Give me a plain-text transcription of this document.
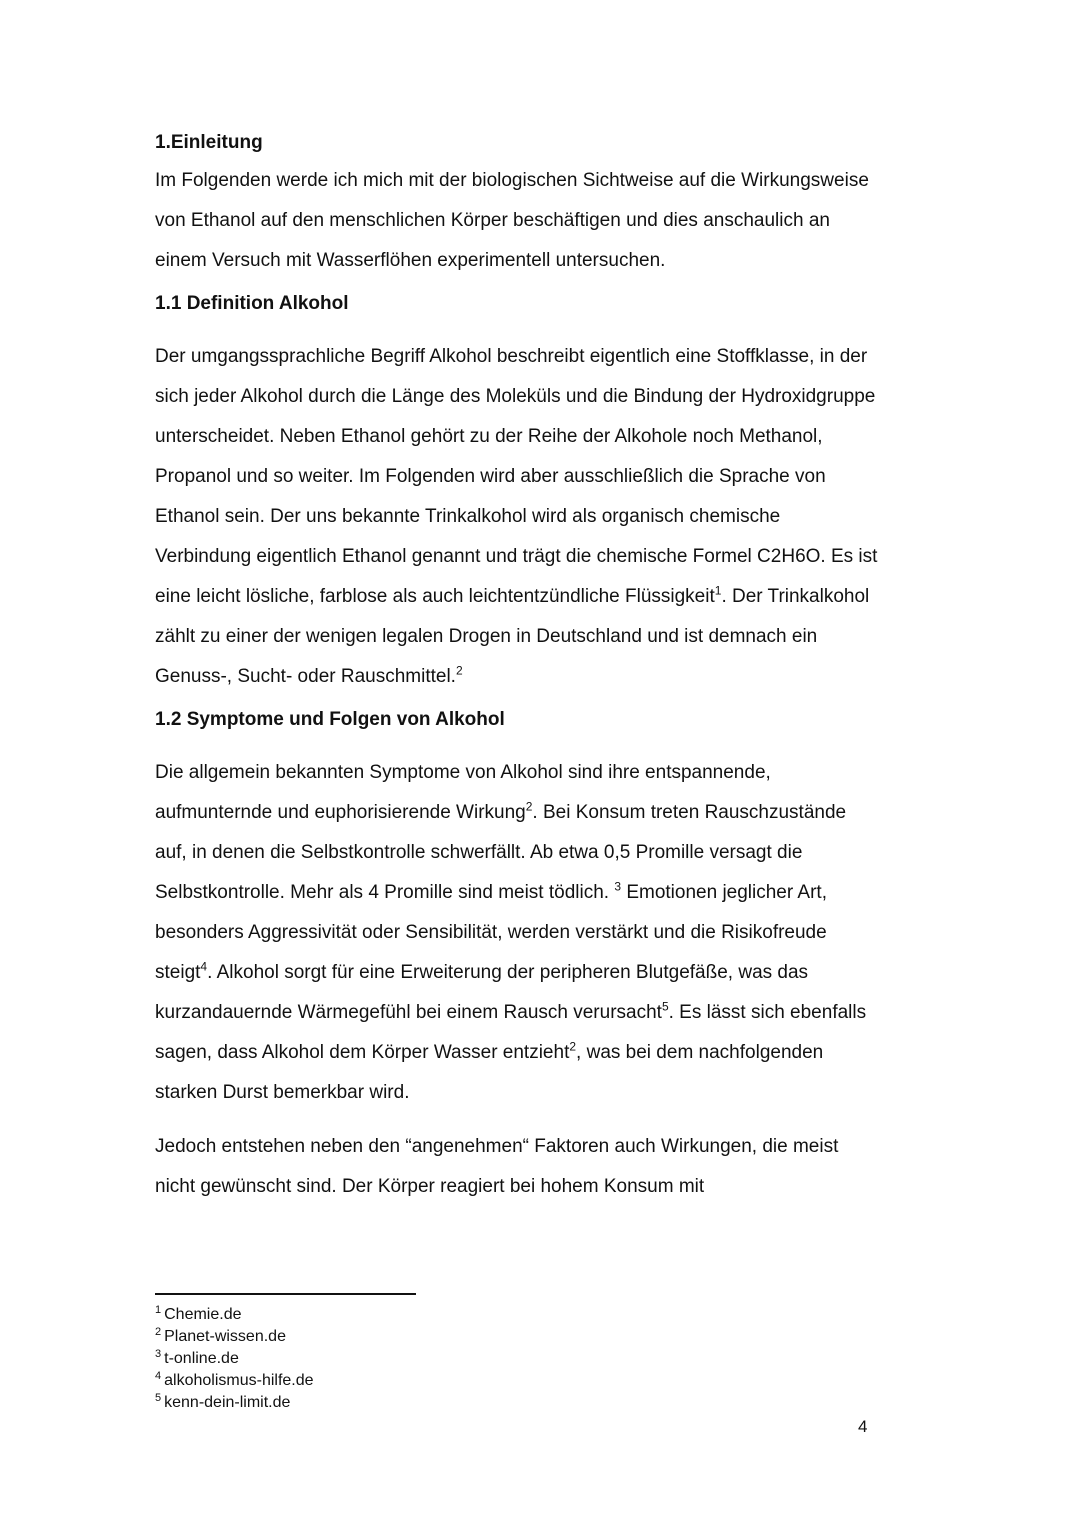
1.Einleitung

Im Folgenden werde ich mich mit der biologischen Sichtweise auf die Wirkungsweise von Ethanol auf den menschlichen Körper beschäftigen und dies anschaulich an einem Versuch mit Wasserflöhen experimentell untersuchen.

1.1 Definition Alkohol

Der umgangssprachliche Begriff Alkohol beschreibt eigentlich eine Stoffklasse, in der sich jeder Alkohol durch die Länge des Moleküls und die Bindung der Hydroxidgruppe unterscheidet. Neben Ethanol gehört zu der Reihe der Alkohole noch Methanol, Propanol und so weiter. Im Folgenden wird aber ausschließlich die Sprache von Ethanol sein. Der uns bekannte Trinkalkohol wird als organisch chemische Verbindung eigentlich Ethanol genannt und trägt die chemische Formel C2H6O. Es ist eine leicht lösliche, farblose als auch leichtentzündliche Flüssigkeit$^1$. Der Trinkalkohol zählt zu einer der wenigen legalen Drogen in Deutschland und ist demnach ein Genuss-, Sucht- oder Rauschmittel.$^2$

1.2 Symptome und Folgen von Alkohol

Die allgemein bekannten Symptome von Alkohol sind ihre entspannende, aufmunternde und euphorisierende Wirkung$^2$. Bei Konsum treten Rauschzustände auf, in denen die Selbstkontrolle schwerfällt. Ab etwa 0,5 Promille versagt die Selbstkontrolle. Mehr als 4 Promille sind meist tödlich. $^3$ Emotionen jeglicher Art, besonders Aggressivität oder Sensibilität, werden verstärkt und die Risikofreude steigt$^4$. Alkohol sorgt für eine Erweiterung der peripheren Blutgefäße, was das kurzandauernde Wärmegefühl bei einem Rausch verursacht$^5$. Es lässt sich ebenfalls sagen, dass Alkohol dem Körper Wasser entzieht$^2$, was bei dem nachfolgenden starken Durst bemerkbar wird.

Jedoch entstehen neben den “angenehmen“ Faktoren auch Wirkungen, die meist nicht gewünscht sind. Der Körper reagiert bei hohem Konsum mit

$^1$ Chemie.de
$^2$ Planet-wissen.de
$^3$ t-online.de
$^4$ alkoholismus-hilfe.de
$^5$ kenn-dein-limit.de
4
